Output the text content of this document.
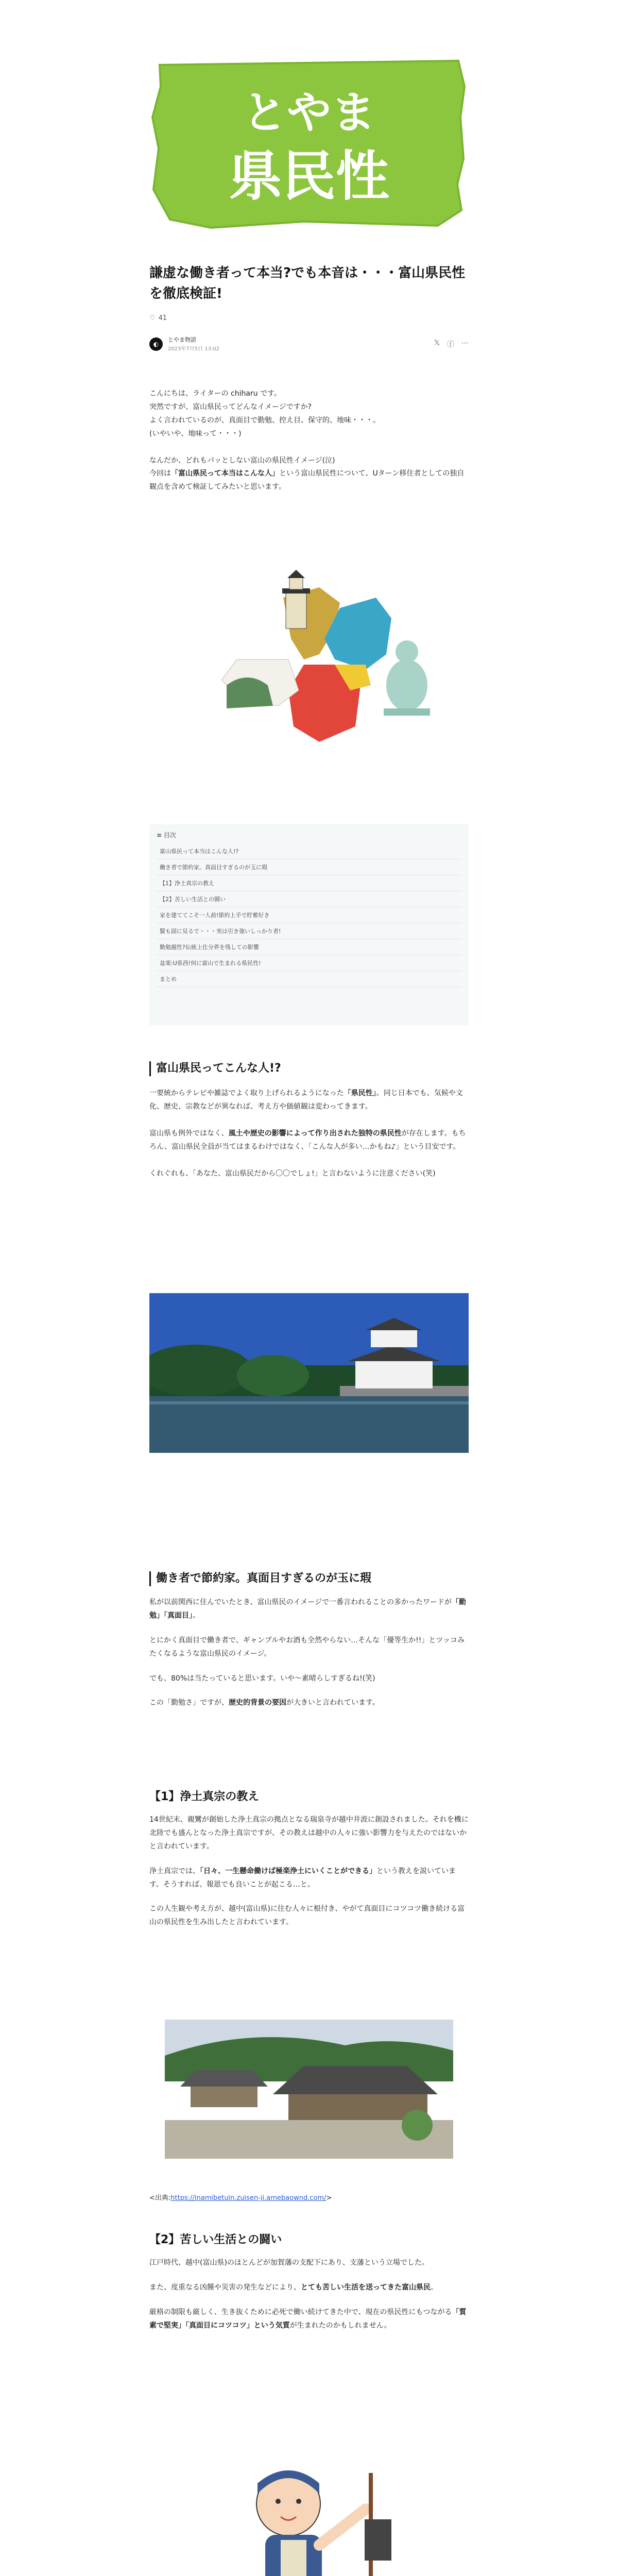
とやま
県民性
謙虚な働き者って本当?でも本音は・・・富山県民性を徹底検証!
♡ 41
◐
とやま物語
2023年7月5日 13:02
𝕏 ⓕ ⋯

こんにちは、ライターの chiharu です。

突然ですが、富山県民ってどんなイメージですか?

よく言われているのが、真面目で勤勉、控え目、保守的、地味・・・。

(いやいや、地味って・・・)

なんだか、どれもパッとしない富山の県民性イメージ(泣)

今回は「富山県民って本当はこんな人」という富山県民性について、Uターン移住者としての独自観点を含めて検証してみたいと思います。

≡ 目次
富山県民って本当はこんな人!?
働き者で節約家。真面目すぎるのが玉に瑕
【1】浄土真宗の教え
【2】苦しい生活との闘い
家を建ててこそ一人前!節約上手で貯蓄好き
賢も固に見るで・・・実は引き強いしっかり者!
勤勉越性?伝統上仕分界を残しての影響
盆楽:U県西!何に富山で生まれる県民性!
まとめ
富山県民ってこんな人!?

一要統からテレビや雑誌でよく取り上げられるようになった「県民性」。同じ日本でも、気候や文化、歴史、宗教などが異なれば、考え方や価値観は変わってきます。

富山県も例外ではなく、風土や歴史の影響によって作り出された独特の県民性が存在します。もちろん、富山県民全員が当てはまるわけではなく、「こんな人が多い…かもね♪」という目安です。

くれぐれも、「あなた、富山県民だから〇〇でしょ!」と言わないように注意ください(笑)

働き者で節約家。真面目すぎるのが玉に瑕

私が以前関西に住んでいたとき、富山県民のイメージで一番言われることの多かったワードが「勤勉」「真面目」。

とにかく真面目で働き者で、ギャンブルやお酒も全然やらない…そんな「優等生か!!」とツッコみたくなるような富山県民のイメージ。

でも、80%は当たっていると思います。いや〜素晴らしすぎるね!(笑)

この「勤勉さ」ですが、歴史的背景の要因が大きいと言われています。

【1】浄土真宗の教え

14世紀末、親鸞が創始した浄土真宗の拠点となる瑞泉寺が越中井波に創設されました。それを機に北陸でも盛んとなった浄土真宗ですが、その教えは越中の人々に強い影響力を与えたのではないかと言われています。

浄土真宗では、「日々、一生懸命働けば極楽浄土にいくことができる」という教えを説いています。そうすれば、報恩でも良いことが起こる…と。

この人生観や考え方が、越中(富山県)に住む人々に根付き、やがて真面目にコツコツ働き続ける富山の県民性を生み出したと言われています。

<出典:https://inamibetuin.zuisen-ji.amebaownd.com/>
【2】苦しい生活との闘い

江戸時代、越中(富山県)のほとんどが加賀藩の支配下にあり、支藩という立場でした。

また、度重なる凶饉や災害の発生などにより、とても苦しい生活を送ってきた富山県民。

厳格の制限も厳しく、生き抜くために必死で働い続けてきた中で、現在の県民性にもつながる「質素で堅実」「真面目にコツコツ」という気質が生まれたのかもしれません。
